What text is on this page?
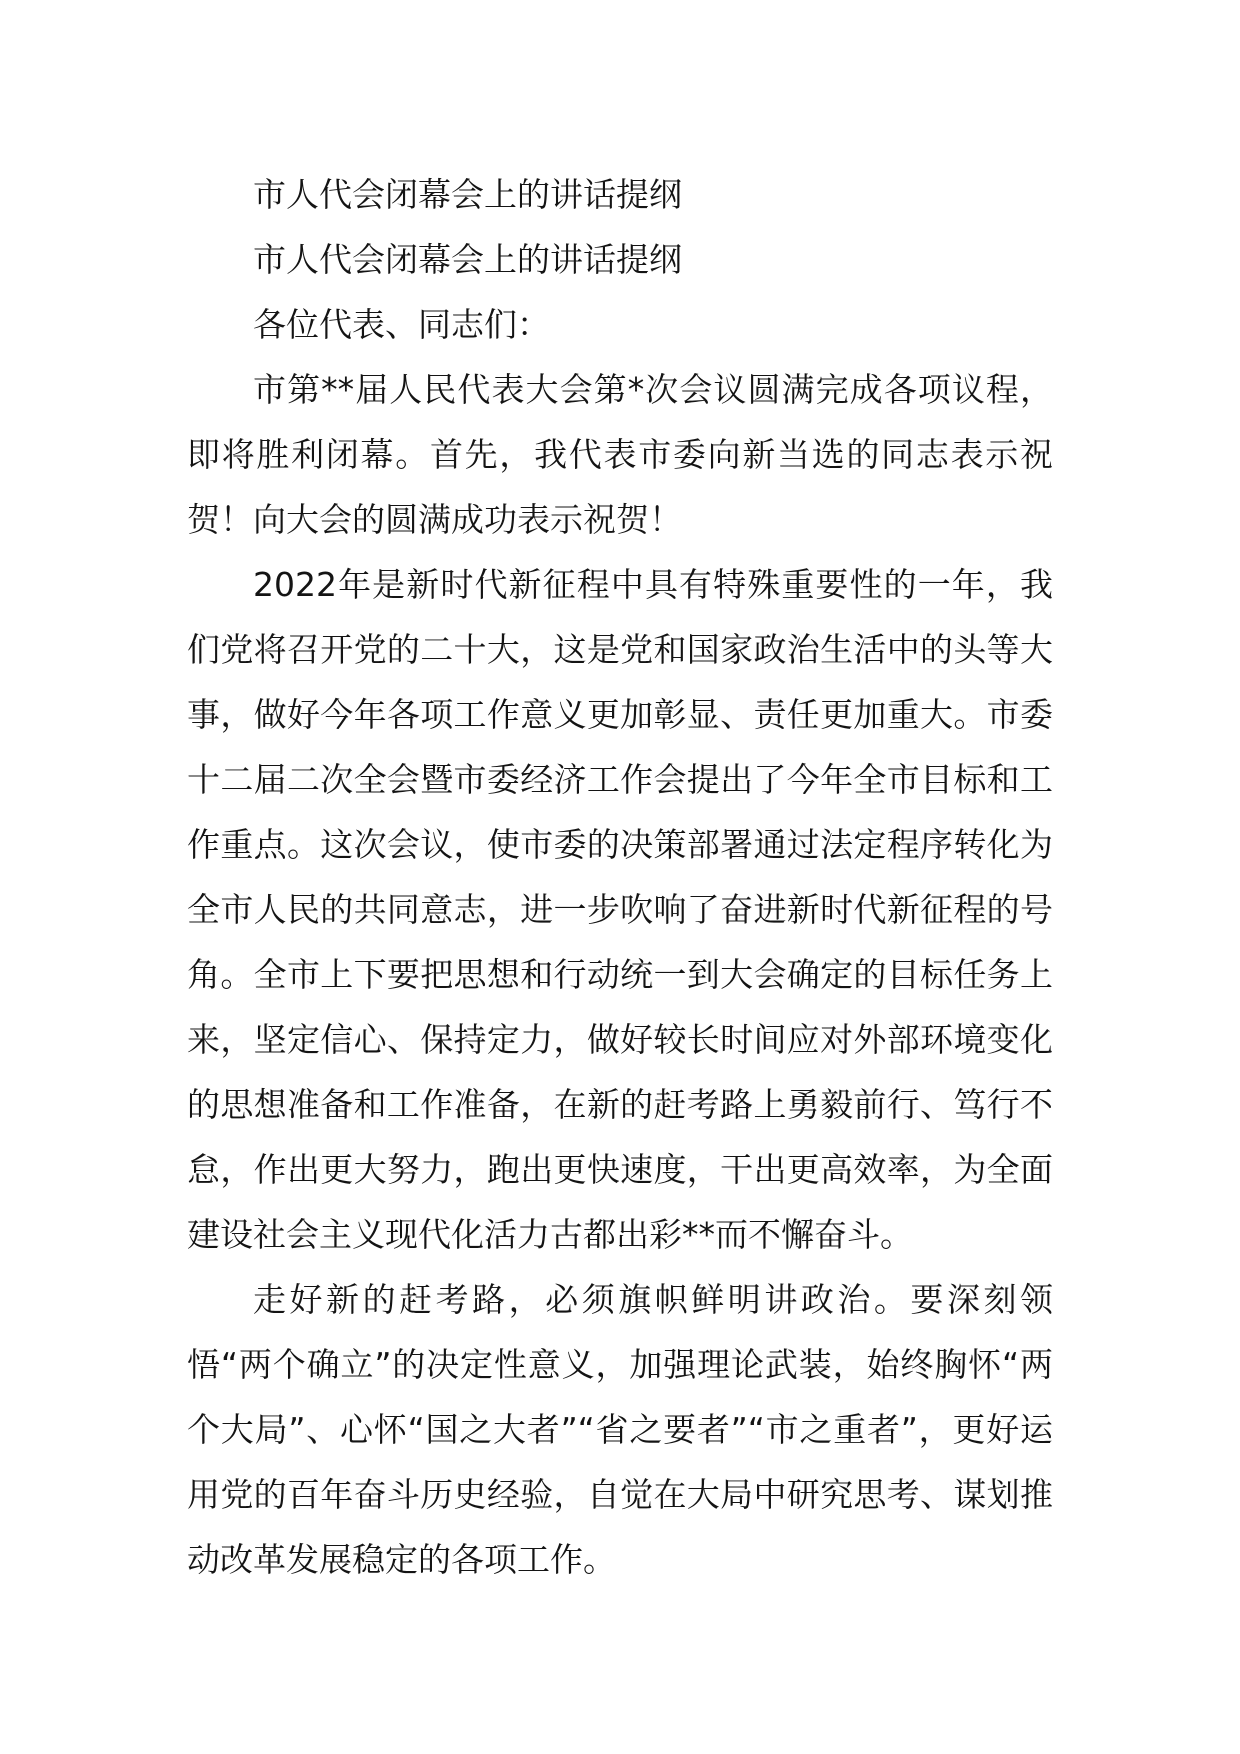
市人代会闭幕会上的讲话提纲

市人代会闭幕会上的讲话提纲

各位代表、同志们：

市第**届人民代表大会第*次会议圆满完成各项议程，即将胜利闭幕。首先，我代表市委向新当选的同志表示祝贺！向大会的圆满成功表示祝贺！

2022年是新时代新征程中具有特殊重要性的一年，我们党将召开党的二十大，这是党和国家政治生活中的头等大事，做好今年各项工作意义更加彰显、责任更加重大。市委十二届二次全会暨市委经济工作会提出了今年全市目标和工作重点。这次会议，使市委的决策部署通过法定程序转化为全市人民的共同意志，进一步吹响了奋进新时代新征程的号角。全市上下要把思想和行动统一到大会确定的目标任务上来，坚定信心、保持定力，做好较长时间应对外部环境变化的思想准备和工作准备，在新的赶考路上勇毅前行、笃行不怠，作出更大努力，跑出更快速度，干出更高效率，为全面建设社会主义现代化活力古都出彩**而不懈奋斗。

走好新的赶考路，必须旗帜鲜明讲政治。要深刻领悟“两个确立”的决定性意义，加强理论武装，始终胸怀“两个大局”、心怀“国之大者”“省之要者”“市之重者”，更好运用党的百年奋斗历史经验，自觉在大局中研究思考、谋划推动改革发展稳定的各项工作。
